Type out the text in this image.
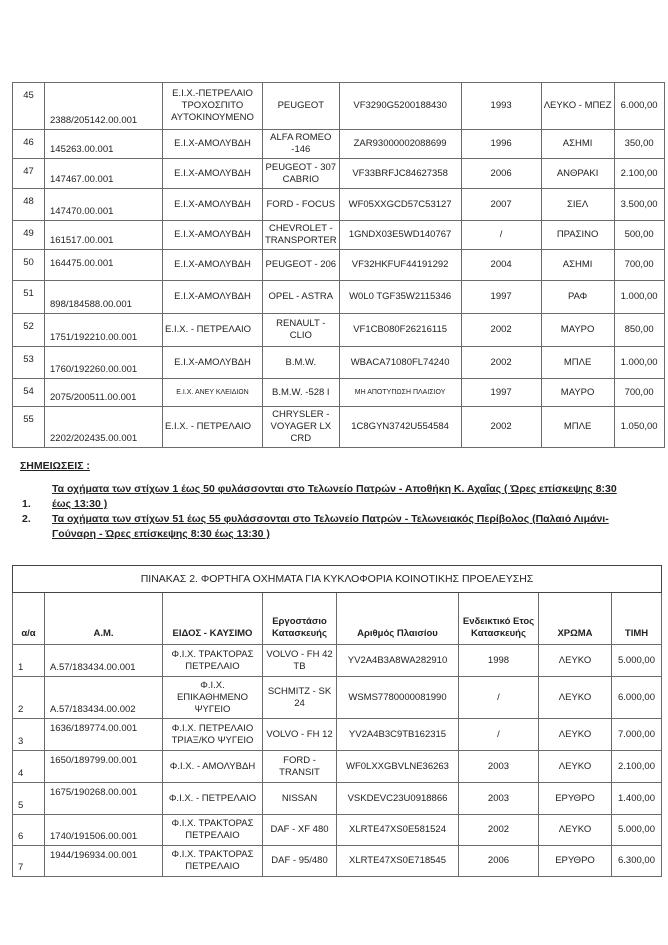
45	2388/205142.00.001	Ε.Ι.Χ.-ΠΕΤΡΕΛΑΙΟ ΤΡΟΧΟΣΠΙΤΟ ΑΥΤΟΚΙΝΟΥΜΕΝΟ	PEUGEOT	VF3290G5200188430	1993	ΛΕΥΚΟ - ΜΠΕΖ	6.000,00
46	145263.00.001	Ε.Ι.Χ-ΑΜΟΛΥΒΔΗ	ALFA ROMEO -146	ZAR93000002088699	1996	ΑΣΗΜΙ	350,00
47	147467.00.001	Ε.Ι.Χ-ΑΜΟΛΥΒΔΗ	PEUGEOT - 307 CABRIO	VF33BRFJC84627358	2006	ΑΝΘΡΑΚΙ	2.100,00
48	147470.00.001	Ε.Ι.Χ-ΑΜΟΛΥΒΔΗ	FORD - FOCUS	WF05XXGCD57C53127	2007	ΣΙΕΛ	3.500,00
49	161517.00.001	Ε.Ι.Χ-ΑΜΟΛΥΒΔΗ	CHEVROLET - TRANSPORTER	1GNDX03E5WD140767	/	ΠΡΑΣΙΝΟ	500,00
50	164475.00.001	Ε.Ι.Χ-ΑΜΟΛΥΒΔΗ	PEUGEOT - 206	VF32HKFUF44191292	2004	ΑΣΗΜΙ	700,00
51	898/184588.00.001	Ε.Ι.Χ-ΑΜΟΛΥΒΔΗ	OPEL - ASTRA	W0L0 TGF35W2115346	1997	ΡΑΦ	1.000,00
52	1751/192210.00.001	Ε.Ι.Χ. - ΠΕΤΡΕΛΑΙΟ	RENAULT - CLIO	VF1CB080F26216115	2002	ΜΑΥΡΟ	850,00
53	1760/192260.00.001	Ε.Ι.Χ-ΑΜΟΛΥΒΔΗ	B.M.W.	WBACA71080FL74240	2002	ΜΠΛΕ	1.000,00
54	2075/200511.00.001	Ε.Ι.Χ. ΑΝΕΥ ΚΛΕΙΔΙΩΝ	B.M.W. -528 I	ΜΗ ΑΠΟΤΥΠΩΣΗ ΠΛΑΙΣΙΟΥ	1997	ΜΑΥΡΟ	700,00
55	2202/202435.00.001	Ε.Ι.Χ. - ΠΕΤΡΕΛΑΙΟ	CHRYSLER - VOYAGER LX CRD	1C8GYN3742U554584	2002	ΜΠΛΕ	1.050,00
ΣΗΜΕΙΩΣΕΙΣ :
Τα οχήματα των στίχων 1 έως 50 φυλάσσονται στο Τελωνείο Πατρών - Αποθήκη Κ. Αχαΐας ( Ώρες επίσκεψης 8:30
1. έως 13:30 )
2. Τα οχήματα των στίχων 51 έως 55 φυλάσσονται στο Τελωνείο Πατρών - Τελωνειακός Περίβολος (Παλαιό Λιμάνι-
Γούναρη - Ώρες επίσκεψης 8:30 έως 13:30 )
ΠΙΝΑΚΑΣ 2. ΦΟΡΤΗΓΑ ΟΧΗΜΑΤΑ ΓΙΑ ΚΥΚΛΟΦΟΡΙΑ ΚΟΙΝΟΤΙΚΗΣ ΠΡΟΕΛΕΥΣΗΣ							
α/α	Α.Μ.	ΕΙΔΟΣ - ΚΑΥΣΙΜΟ	Εργοστάσιο Κατασκευής	Αριθμός Πλαισίου	Ενδεικτικό Ετος Κατασκευής	ΧΡΩΜΑ	ΤΙΜΗ
1	Α.57/183434.00.001	Φ.Ι.Χ. ΤΡΑΚΤΟΡΑΣ ΠΕΤΡΕΛΑΙΟ	VOLVO - FH 42 TB	YV2A4B3A8WA282910	1998	ΛΕΥΚΟ	5.000,00
2	Α.57/183434.00.002	Φ.Ι.Χ. ΕΠΙΚΑΘΗΜΕΝΟ ΨΥΓΕΙΟ	SCHMITZ - SK 24	WSMS7780000081990	/	ΛΕΥΚΟ	6.000,00
3	1636/189774.00.001	Φ.Ι.Χ. ΠΕΤΡΕΛΑΙΟ ΤΡΙΑΞ/ΚΟ ΨΥΓΕΙΟ	VOLVO - FH 12	YV2A4B3C9TB162315	/	ΛΕΥΚΟ	7.000,00
4	1650/189799.00.001	Φ.Ι.Χ. - ΑΜΟΛΥΒΔΗ	FORD - TRANSIT	WF0LXXGBVLNE36263	2003	ΛΕΥΚΟ	2.100,00
5	1675/190268.00.001	Φ.Ι.Χ. - ΠΕΤΡΕΛΑΙΟ	NISSAN	VSKDEVC23U0918866	2003	ΕΡΥΘΡΟ	1.400,00
6	1740/191506.00.001	Φ.Ι.Χ. ΤΡΑΚΤΟΡΑΣ ΠΕΤΡΕΛΑΙΟ	DAF - XF 480	XLRTE47XS0E581524	2002	ΛΕΥΚΟ	5.000,00
7	1944/196934.00.001	Φ.Ι.Χ. ΤΡΑΚΤΟΡΑΣ ΠΕΤΡΕΛΑΙΟ	DAF - 95/480	XLRTE47XS0E718545	2006	ΕΡΥΘΡΟ	6.300,00
